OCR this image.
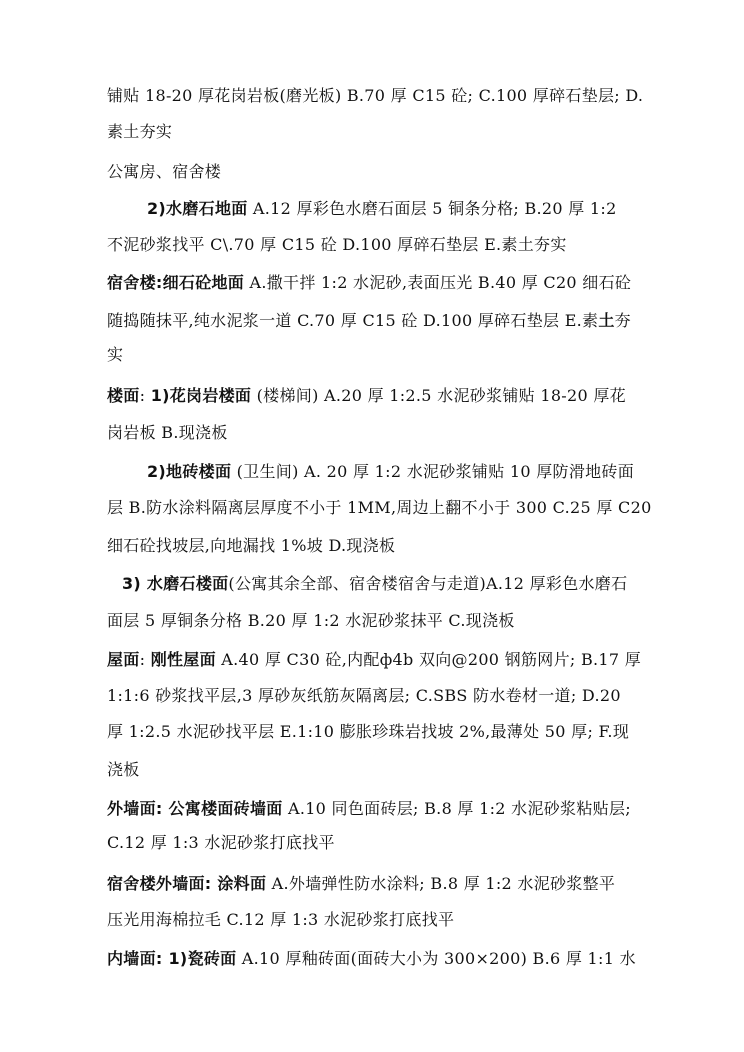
铺贴 18-20 厚花岗岩板(磨光板) B.70 厚 C15 砼; C.100 厚碎石垫层; D.
素土夯实
公寓房、宿舍楼
2)水磨石地面 A.12 厚彩色水磨石面层 5 铜条分格; B.20 厚 1:2
不泥砂浆找平 C\.70 厚 C15 砼 D.100 厚碎石垫层 E.素土夯实
宿舍楼:细石砼地面 A.撒干拌 1:2 水泥砂,表面压光 B.40 厚 C20 细石砼
随捣随抹平,纯水泥浆一道 C.70 厚 C15 砼 D.100 厚碎石垫层 E.素土夯
实
楼面: 1)花岗岩楼面 (楼梯间) A.20 厚 1:2.5 水泥砂浆铺贴 18-20 厚花
岗岩板 B.现浇板
2)地砖楼面 (卫生间) A. 20 厚 1:2 水泥砂浆铺贴 10 厚防滑地砖面
层 B.防水涂料隔离层厚度不小于 1MM,周边上翻不小于 300 C.25 厚 C20
细石砼找坡层,向地漏找 1%坡 D.现浇板
3) 水磨石楼面(公寓其余全部、宿舍楼宿舍与走道)A.12 厚彩色水磨石
面层 5 厚铜条分格 B.20 厚 1:2 水泥砂浆抹平 C.现浇板
屋面: 刚性屋面 A.40 厚 C30 砼,内配ф4b 双向@200 钢筋网片; B.17 厚
1:1:6 砂浆找平层,3 厚砂灰纸筋灰隔离层; C.SBS 防水卷材一道; D.20
厚 1:2.5 水泥砂找平层 E.1:10 膨胀珍珠岩找坡 2%,最薄处 50 厚; F.现
浇板
外墙面: 公寓楼面砖墙面 A.10 同色面砖层; B.8 厚 1:2 水泥砂浆粘贴层;
C.12 厚 1:3 水泥砂浆打底找平
宿舍楼外墙面: 涂料面 A.外墙弹性防水涂料; B.8 厚 1:2 水泥砂浆整平
压光用海棉拉毛 C.12 厚 1:3 水泥砂浆打底找平
内墙面: 1)瓷砖面 A.10 厚釉砖面(面砖大小为 300×200) B.6 厚 1:1 水
